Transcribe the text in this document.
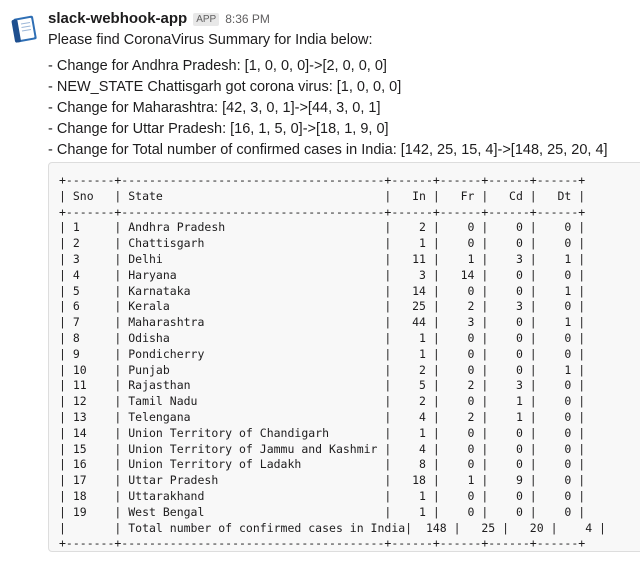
slack-webhook-app APP 8:36 PM
Please find CoronaVirus Summary for India below:
- Change for Andhra Pradesh: [1, 0, 0, 0]->[2, 0, 0, 0]
- NEW_STATE Chattisgarh got corona virus: [1, 0, 0, 0]
- Change for Maharashtra: [42, 3, 0, 1]->[44, 3, 0, 1]
- Change for Uttar Pradesh: [16, 1, 5, 0]->[18, 1, 9, 0]
- Change for Total number of confirmed cases in India: [142, 25, 15, 4]->[148, 25, 20, 4]
+-------+--------------------------------------+------+------+------+------+
| Sno   | State                                |   In |   Fr |   Cd |   Dt |
+-------+--------------------------------------+------+------+------+------+
| 1     | Andhra Pradesh                       |    2 |    0 |    0 |    0 |
| 2     | Chattisgarh                          |    1 |    0 |    0 |    0 |
| 3     | Delhi                                |   11 |    1 |    3 |    1 |
| 4     | Haryana                              |    3 |   14 |    0 |    0 |
| 5     | Karnataka                            |   14 |    0 |    0 |    1 |
| 6     | Kerala                               |   25 |    2 |    3 |    0 |
| 7     | Maharashtra                          |   44 |    3 |    0 |    1 |
| 8     | Odisha                               |    1 |    0 |    0 |    0 |
| 9     | Pondicherry                          |    1 |    0 |    0 |    0 |
| 10    | Punjab                               |    2 |    0 |    0 |    1 |
| 11    | Rajasthan                            |    5 |    2 |    3 |    0 |
| 12    | Tamil Nadu                           |    2 |    0 |    1 |    0 |
| 13    | Telengana                            |    4 |    2 |    1 |    0 |
| 14    | Union Territory of Chandigarh        |    1 |    0 |    0 |    0 |
| 15    | Union Territory of Jammu and Kashmir |    4 |    0 |    0 |    0 |
| 16    | Union Territory of Ladakh            |    8 |    0 |    0 |    0 |
| 17    | Uttar Pradesh                        |   18 |    1 |    9 |    0 |
| 18    | Uttarakhand                          |    1 |    0 |    0 |    0 |
| 19    | West Bengal                          |    1 |    0 |    0 |    0 |
|       | Total number of confirmed cases in India|  148 |   25 |   20 |    4 |
+-------+--------------------------------------+------+------+------+------+
